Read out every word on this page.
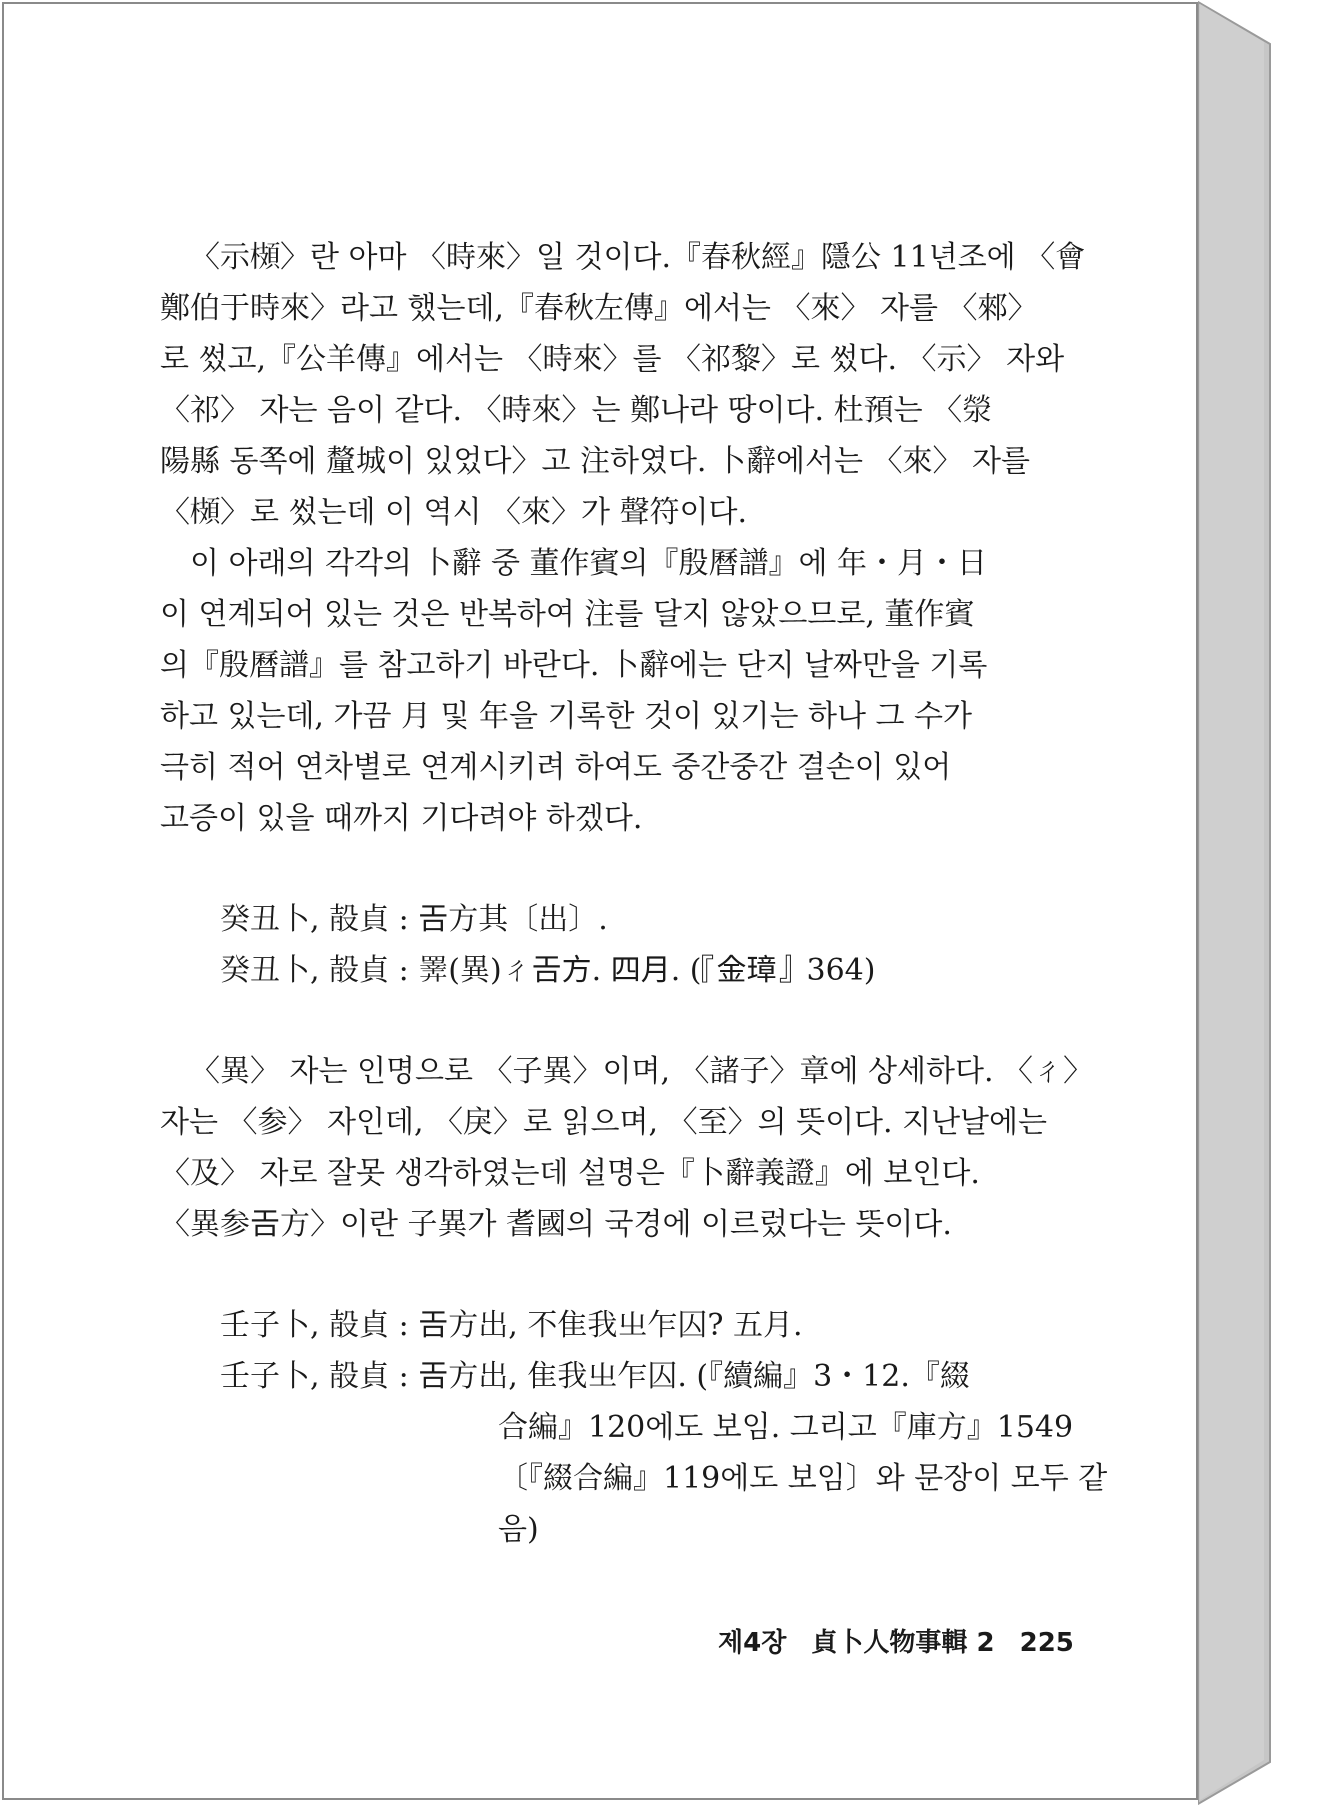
〈示𩓡〉란 아마 〈時來〉일 것이다.『春秋經』隱公 11년조에 〈會
鄭伯于時來〉라고 했는데,『春秋左傳』에서는 〈來〉 자를 〈郲〉
로 썼고,『公羊傳』에서는 〈時來〉를 〈祁黎〉로 썼다. 〈示〉 자와
〈祁〉 자는 음이 같다. 〈時來〉는 鄭나라 땅이다. 杜預는 〈滎
陽縣 동쪽에 釐城이 있었다〉고 注하였다. 卜辭에서는 〈來〉 자를
〈𩓡〉로 썼는데 이 역시 〈來〉가 聲符이다.
이 아래의 각각의 卜辭 중 董作賓의『殷曆譜』에 年・月・日
이 연계되어 있는 것은 반복하여 注를 달지 않았으므로, 董作賓
의『殷曆譜』를 참고하기 바란다. 卜辭에는 단지 날짜만을 기록
하고 있는데, 가끔 月 및 年을 기록한 것이 있기는 하나 그 수가
극히 적어 연차별로 연계시키려 하여도 중간중간 결손이 있어
고증이 있을 때까지 기다려야 하겠다.
癸丑卜, 㱿貞 : 𢀛方其〔出〕.
癸丑卜, 㱿貞 : 𢍰(異)ㄔ𢀛方. 四月. (『金璋』364)
〈異〉 자는 인명으로 〈子異〉이며, 〈諸子〉章에 상세하다. 〈ㄔ〉
자는 〈参〉 자인데, 〈戾〉로 읽으며, 〈至〉의 뜻이다. 지난날에는
〈及〉 자로 잘못 생각하였는데 설명은『卜辭義證』에 보인다.
〈異参𢀛方〉이란 子異가 耆國의 국경에 이르렀다는 뜻이다.
壬子卜, 㱿貞 : 𢀛方出, 不隹我㞢乍囚? 五月.
壬子卜, 㱿貞 : 𢀛方出, 隹我㞢乍囚. (『續編』3・12.『綴
合編』120에도 보임. 그리고『庫方』1549
〔『綴合編』119에도 보임〕와 문장이 모두 같
음)
제4장 貞卜人物事輯 2 225
